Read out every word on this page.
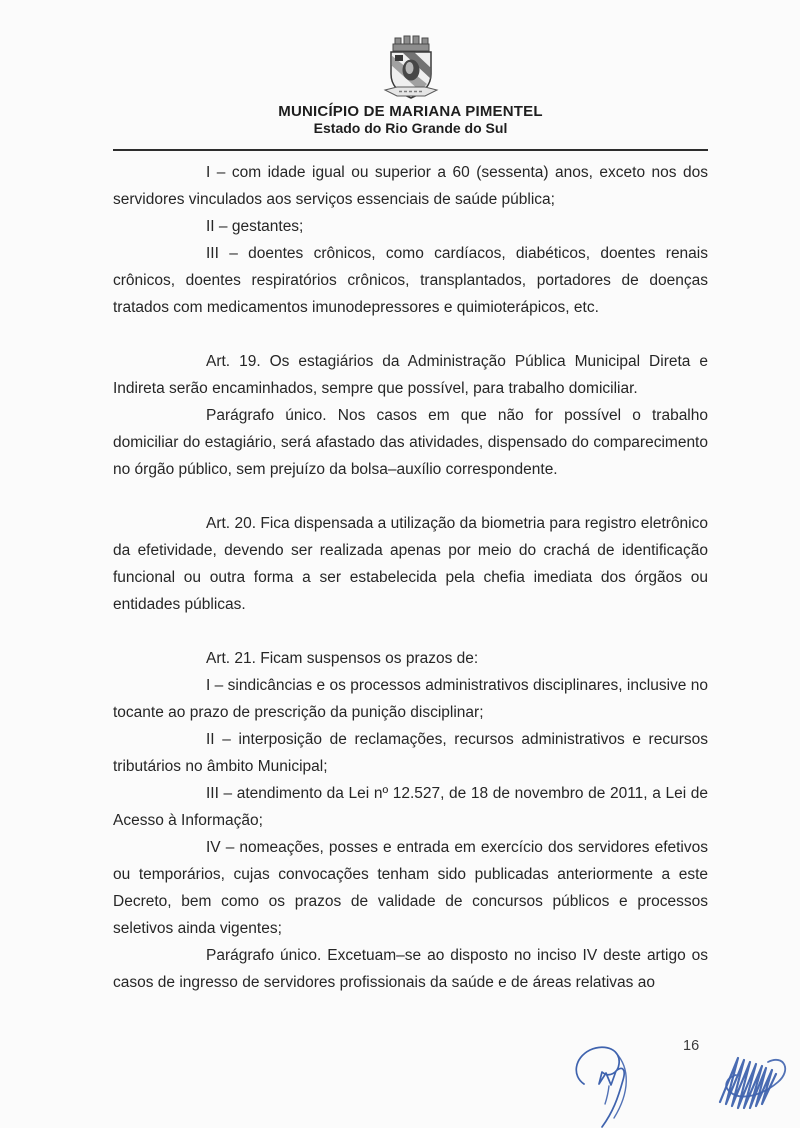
MUNICÍPIO DE MARIANA PIMENTEL
Estado do Rio Grande do Sul

I – com idade igual ou superior a 60 (sessenta) anos, exceto nos dos servidores vinculados aos serviços essenciais de saúde pública;

II – gestantes;

III – doentes crônicos, como cardíacos, diabéticos, doentes renais crônicos, doentes respiratórios crônicos, transplantados, portadores de doenças tratados com medicamentos imunodepressores e quimioterápicos, etc.

Art. 19. Os estagiários da Administração Pública Municipal Direta e Indireta serão encaminhados, sempre que possível, para trabalho domiciliar.

Parágrafo único. Nos casos em que não for possível o trabalho domiciliar do estagiário, será afastado das atividades, dispensado do comparecimento no órgão público, sem prejuízo da bolsa–auxílio correspondente.

Art. 20. Fica dispensada a utilização da biometria para registro eletrônico da efetividade, devendo ser realizada apenas por meio do crachá de identificação funcional ou outra forma a ser estabelecida pela chefia imediata dos órgãos ou entidades públicas.

Art. 21. Ficam suspensos os prazos de:

I – sindicâncias e os processos administrativos disciplinares, inclusive no tocante ao prazo de prescrição da punição disciplinar;

II – interposição de reclamações, recursos administrativos e recursos tributários no âmbito Municipal;

III – atendimento da Lei nº 12.527, de 18 de novembro de 2011, a Lei de Acesso à Informação;

IV – nomeações, posses e entrada em exercício dos servidores efetivos ou temporários, cujas convocações tenham sido publicadas anteriormente a este Decreto, bem como os prazos de validade de concursos públicos e processos seletivos ainda vigentes;

Parágrafo único. Excetuam–se ao disposto no inciso IV deste artigo os casos de ingresso de servidores profissionais da saúde e de áreas relativas ao

16
